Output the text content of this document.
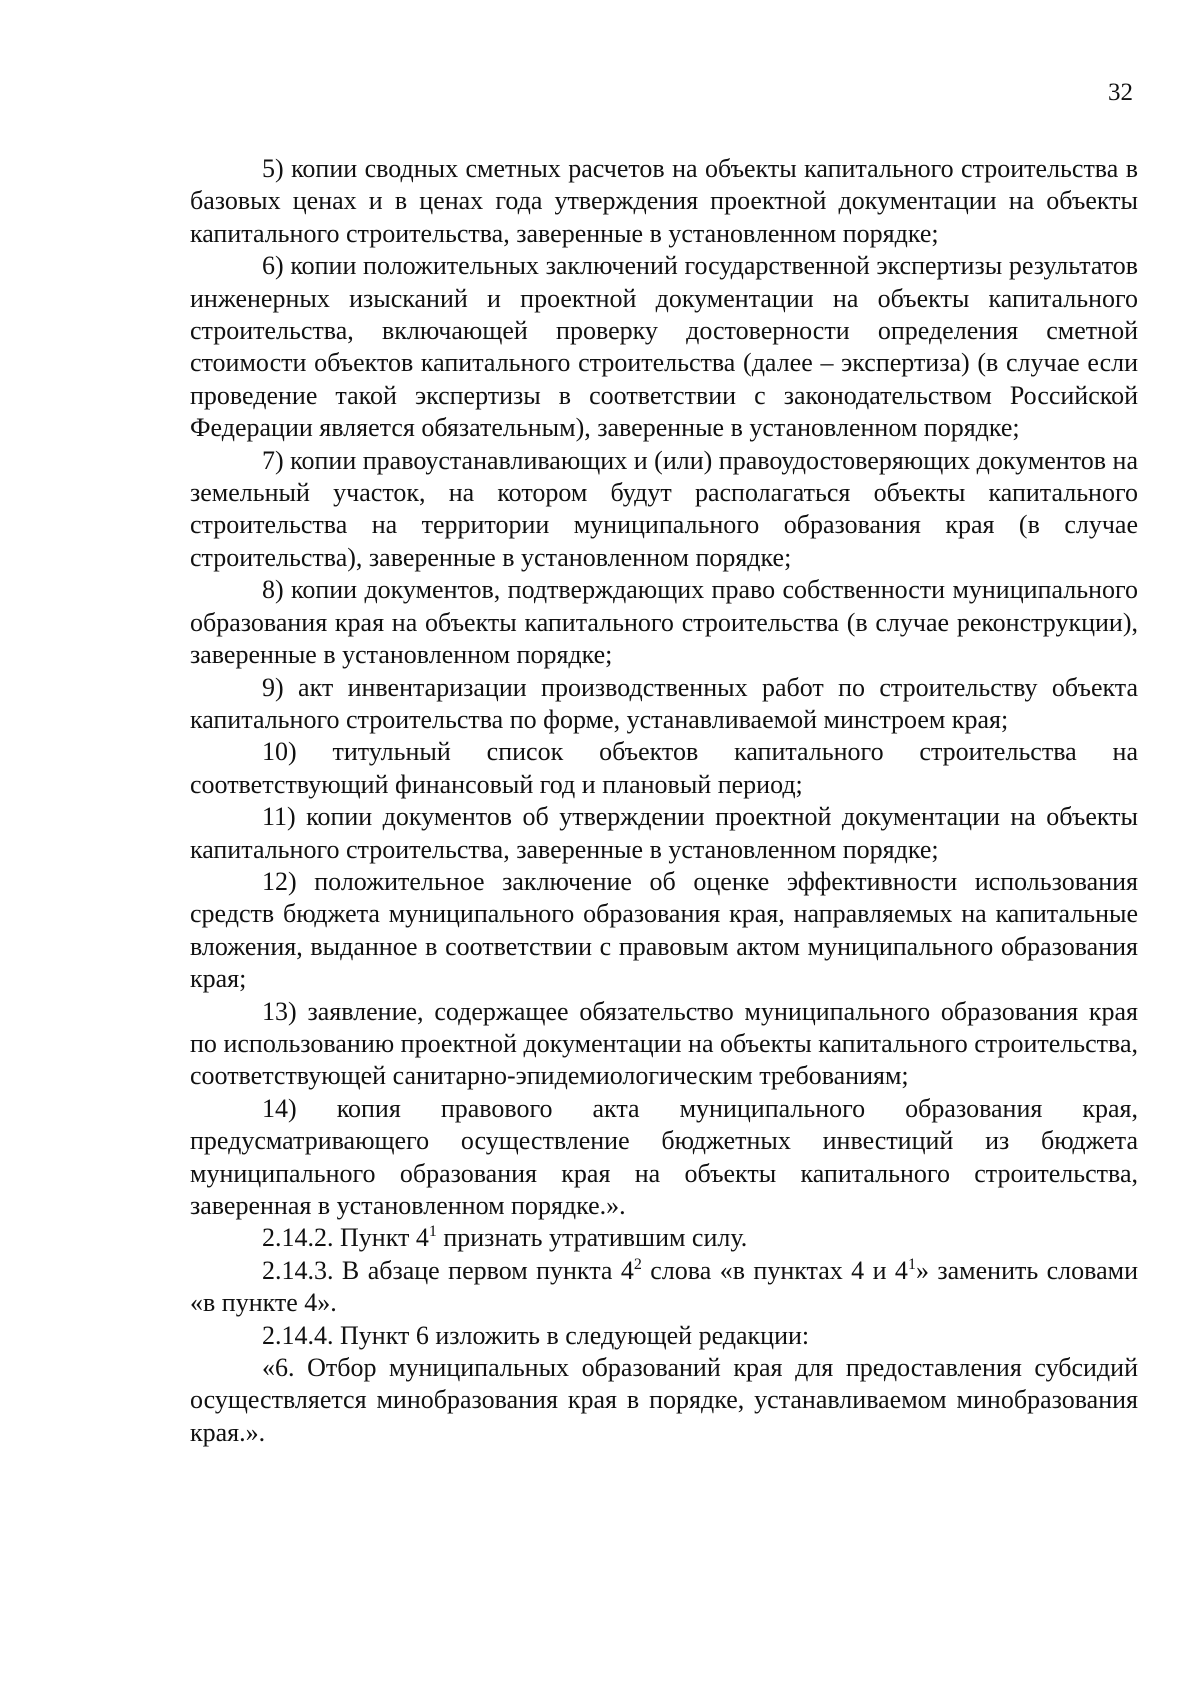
32

5) копии сводных сметных расчетов на объекты капитального строительства в базовых ценах и в ценах года утверждения проектной документации на объекты капитального строительства, заверенные в установленном порядке;

6) копии положительных заключений государственной экспертизы результатов инженерных изысканий и проектной документации на объекты капитального строительства, включающей проверку достоверности определения сметной стоимости объектов капитального строительства (далее – экспертиза) (в случае если проведение такой экспертизы в соответствии с законодательством Российской Федерации является обязательным), заверенные в установленном порядке;

7) копии правоустанавливающих и (или) правоудостоверяющих документов на земельный участок, на котором будут располагаться объекты капитального строительства на территории муниципального образования края (в случае строительства), заверенные в установленном порядке;

8) копии документов, подтверждающих право собственности муниципального образования края на объекты капитального строительства (в случае реконструкции), заверенные в установленном порядке;

9) акт инвентаризации производственных работ по строительству объекта капитального строительства по форме, устанавливаемой минстроем края;

10) титульный список объектов капитального строительства на соответствующий финансовый год и плановый период;

11) копии документов об утверждении проектной документации на объекты капитального строительства, заверенные в установленном порядке;

12) положительное заключение об оценке эффективности использования средств бюджета муниципального образования края, направляемых на капитальные вложения, выданное в соответствии с правовым актом муниципального образования края;

13) заявление, содержащее обязательство муниципального образования края по использованию проектной документации на объекты капитального строительства, соответствующей санитарно-эпидемиологическим требованиям;

14) копия правового акта муниципального образования края, предусматривающего осуществление бюджетных инвестиций из бюджета муниципального образования края на объекты капитального строительства, заверенная в установленном порядке.».

2.14.2. Пункт $4^1$ признать утратившим силу.

2.14.3. В абзаце первом пункта $4^2$ слова «в пунктах 4 и $4^1$» заменить словами «в пункте 4».

2.14.4. Пункт 6 изложить в следующей редакции:

«6. Отбор муниципальных образований края для предоставления субсидий осуществляется минобразования края в порядке, устанавливаемом минобразования края.».
